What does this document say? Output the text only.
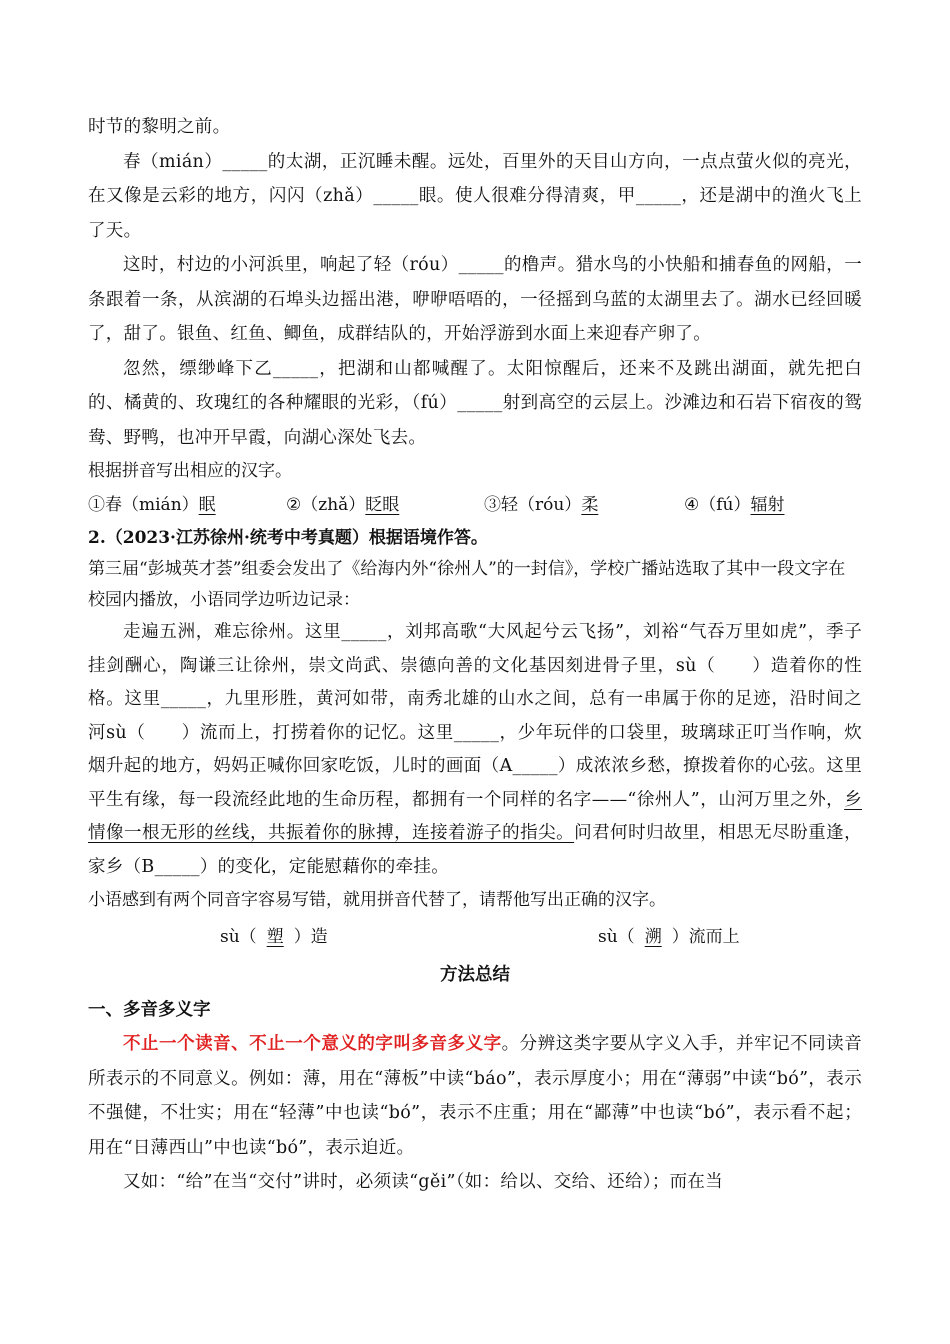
时节的黎明之前。

春（mián）_____的太湖，正沉睡未醒。远处，百里外的天目山方向，一点点萤火似的亮光，在又像是云彩的地方，闪闪（zhǎ）_____眼。使人很难分得清爽，甲_____，还是湖中的渔火飞上了天。

这时，村边的小河浜里，响起了轻（róu）_____的橹声。猎水鸟的小快船和捕春鱼的网船，一条跟着一条，从滨湖的石埠头边摇出港，咿咿唔唔的，一径摇到乌蓝的太湖里去了。湖水已经回暖了，甜了。银鱼、红鱼、鲫鱼，成群结队的，开始浮游到水面上来迎春产卵了。

忽然，缥缈峰下乙_____，把湖和山都喊醒了。太阳惊醒后，还来不及跳出湖面，就先把白的、橘黄的、玫瑰红的各种耀眼的光彩，（fú）_____射到高空的云层上。沙滩边和石岩下宿夜的鸳鸯、野鸭，也冲开早霞，向湖心深处飞去。

根据拼音写出相应的汉字。

①春（mián）眠	②（zhǎ）眨眼	③轻（róu）柔	④（fú）辐射

2.（2023·江苏徐州·统考中考真题）根据语境作答。

第三届“彭城英才荟”组委会发出了《给海内外“徐州人”的一封信》，学校广播站选取了其中一段文字在校园内播放，小语同学边听边记录：

走遍五洲，难忘徐州。这里_____，刘邦高歌“大风起兮云飞扬”，刘裕“气吞万里如虎”，季子挂剑酬心，陶谦三让徐州，崇文尚武、崇德向善的文化基因刻进骨子里，sù（　　）造着你的性格。这里_____，九里形胜，黄河如带，南秀北雄的山水之间，总有一串属于你的足迹，沿时间之河sù（　　）流而上，打捞着你的记忆。这里_____，少年玩伴的口袋里，玻璃球正叮当作响，炊烟升起的地方，妈妈正喊你回家吃饭，儿时的画面（A_____）成浓浓乡愁，撩拨着你的心弦。这里平生有缘，每一段流经此地的生命历程，都拥有一个同样的名字——“徐州人”，山河万里之外，乡情像一根无形的丝线，共振着你的脉搏，连接着游子的指尖。问君何时归故里，相思无尽盼重逢，家乡（B_____）的变化，定能慰藉你的牵挂。

小语感到有两个同音字容易写错，就用拼音代替了，请帮他写出正确的汉字。

sù（ 塑 ）造	sù（ 溯 ）流而上

方法总结

一、多音多义字

不止一个读音、不止一个意义的字叫多音多义字。分辨这类字要从字义入手，并牢记不同读音所表示的不同意义。例如：薄，用在“薄板”中读“báo”，表示厚度小；用在“薄弱”中读“bó”，表示不强健，不壮实；用在“轻薄”中也读“bó”，表示不庄重；用在“鄙薄”中也读“bó”，表示看不起；用在“日薄西山”中也读“bó”，表示迫近。

又如：“给”在当“交付”讲时，必须读“gěi”（如：给以、交给、还给）；而在当
